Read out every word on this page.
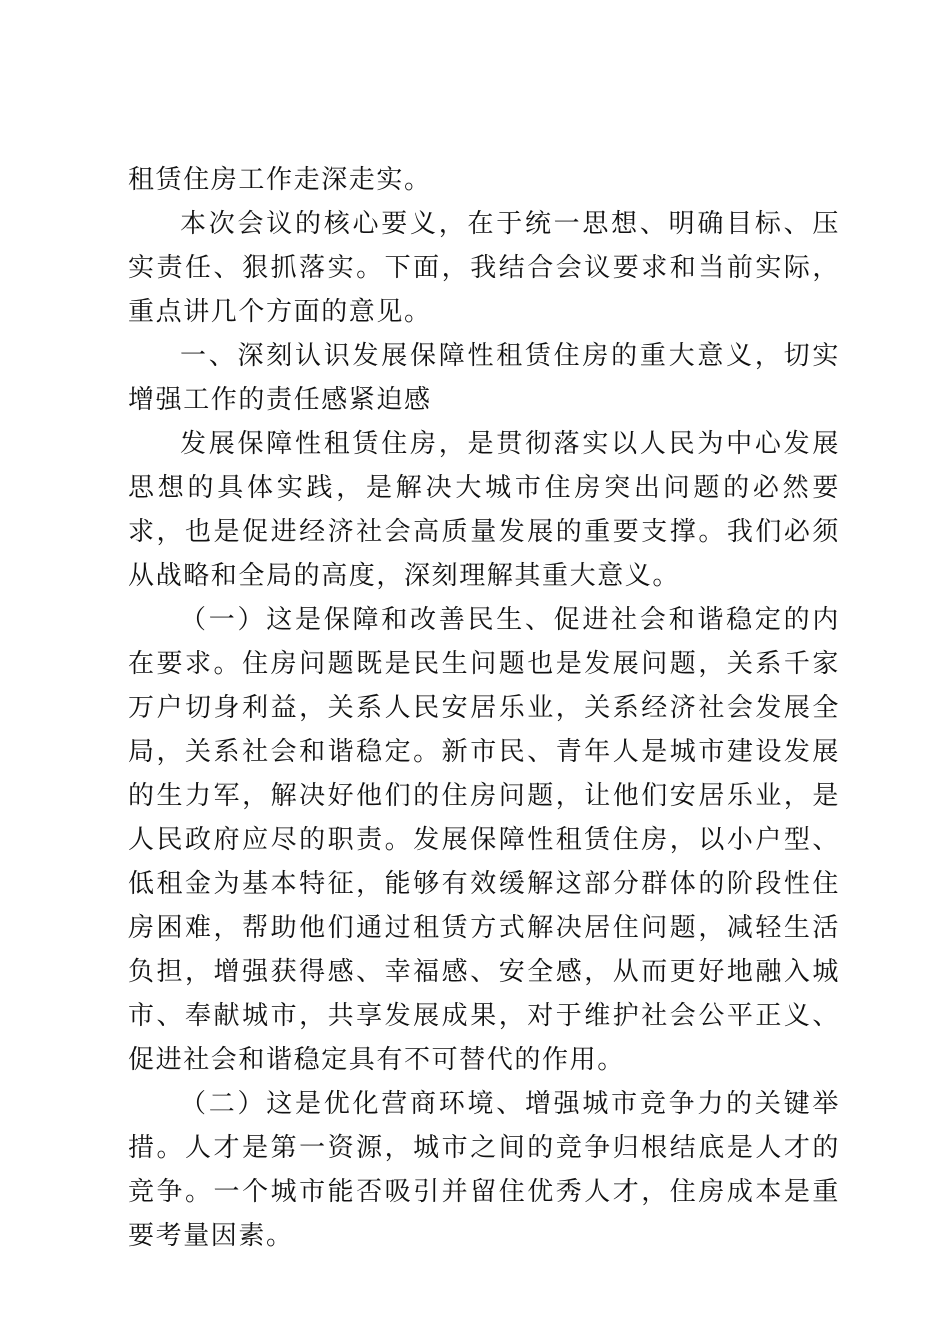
租赁住房工作走深走实。

本次会议的核心要义，在于统一思想、明确目标、压实责任、狠抓落实。下面，我结合会议要求和当前实际，重点讲几个方面的意见。

一、深刻认识发展保障性租赁住房的重大意义，切实增强工作的责任感紧迫感

发展保障性租赁住房，是贯彻落实以人民为中心发展思想的具体实践，是解决大城市住房突出问题的必然要求，也是促进经济社会高质量发展的重要支撑。我们必须从战略和全局的高度，深刻理解其重大意义。

（一）这是保障和改善民生、促进社会和谐稳定的内在要求。住房问题既是民生问题也是发展问题，关系千家万户切身利益，关系人民安居乐业，关系经济社会发展全局，关系社会和谐稳定。新市民、青年人是城市建设发展的生力军，解决好他们的住房问题，让他们安居乐业，是人民政府应尽的职责。发展保障性租赁住房，以小户型、低租金为基本特征，能够有效缓解这部分群体的阶段性住房困难，帮助他们通过租赁方式解决居住问题，减轻生活负担，增强获得感、幸福感、安全感，从而更好地融入城市、奉献城市，共享发展成果，对于维护社会公平正义、促进社会和谐稳定具有不可替代的作用。

（二）这是优化营商环境、增强城市竞争力的关键举措。人才是第一资源，城市之间的竞争归根结底是人才的竞争。一个城市能否吸引并留住优秀人才，住房成本是重要考量因素。
